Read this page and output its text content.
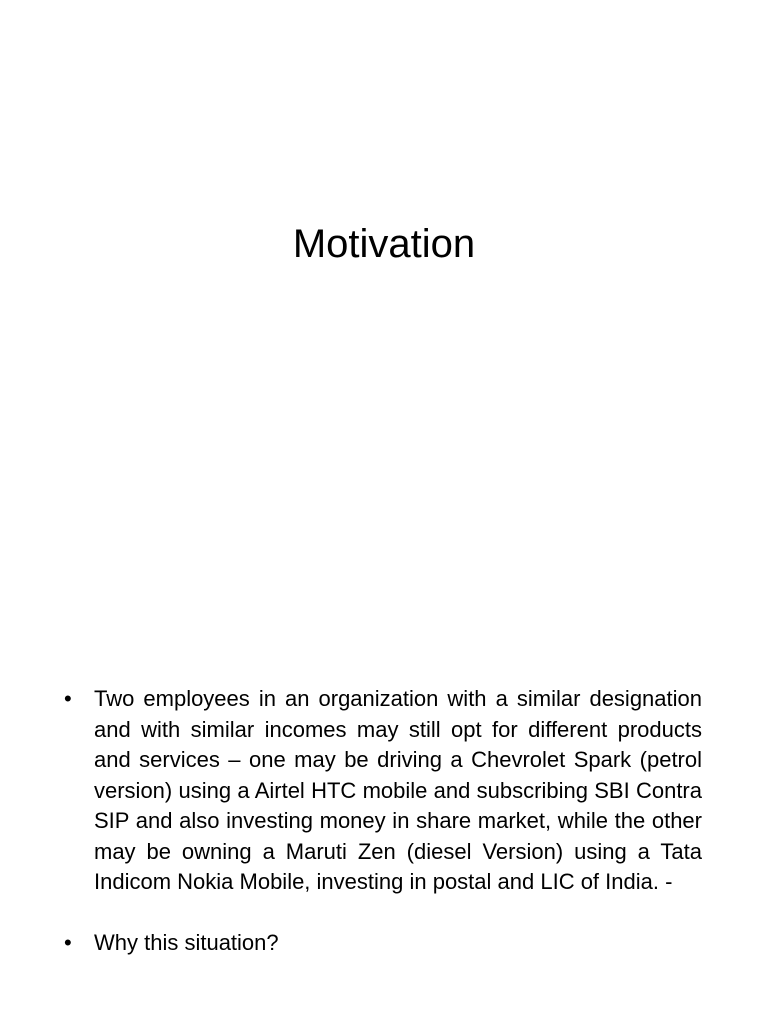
Motivation
• Two employees in an organization with a similar designation and with similar incomes may still opt for different products and services – one may be driving a Chevrolet Spark (petrol version) using a Airtel HTC mobile and subscribing SBI Contra SIP and also investing money in share market, while the other may be owning a Maruti Zen (diesel Version) using a Tata Indicom Nokia Mobile, investing in postal and LIC of India. -
• Why this situation?
